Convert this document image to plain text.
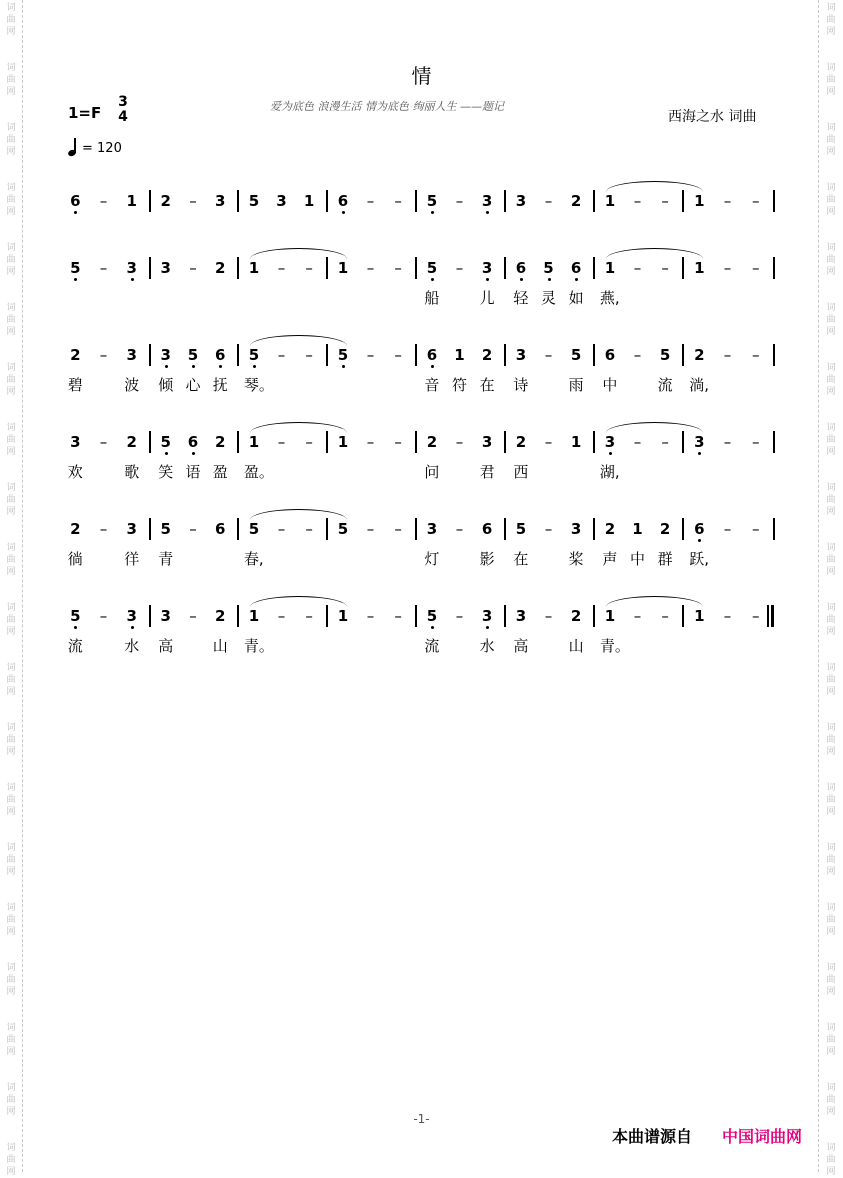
词
曲
网
词
曲
网
词
曲
网
词
曲
网
词
曲
网
词
曲
网
词
曲
网
词
曲
网
词
曲
网
词
曲
网
词
曲
网
词
曲
网
词
曲
网
词
曲
网
词
曲
网
词
曲
网
词
曲
网
词
曲
网
词
曲
网
词
曲
网
词
曲
网
词
曲
网
词
曲
网
词
曲
网
词
曲
网
词
曲
网
词
曲
网
词
曲
网
词
曲
网
词
曲
网
词
曲
网
词
曲
网
词
曲
网
词
曲
网
词
曲
网
词
曲
网
词
曲
网
词
曲
网
词
曲
网
词
曲
网
情
1=F
3
4
= 120
爱为底色 浪漫生活 情为底色 绚丽人生 ——题记
西海之水 词曲
6 – 1 2 – 3 5 3 1 6 – – 5 – 3 3 – 2 1 – – 1 – –
5 – 3 3 – 2 1 – – 1 – – 5 – 3 6 5 6 1 – – 1 – –
船	儿 轻 灵 如 燕,
2 – 3 3 5 6 5 – – 5 – – 6 1 2 3 – 5 6 – 5 2 – –
碧	波 倾 心 抚 琴。	音 符 在 诗	雨 中	流 淌,
3 – 2 5 6 2 1 – – 1 – – 2 – 3 2 – 1 3 – – 3 – –
欢	歌 笑 语 盈 盈。	问	君 西	湖,
2 – 3 5 – 6 5 – – 5 – – 3 – 6 5 – 3 2 1 2 6 – –
徜	徉 青	春,	灯	影 在	桨 声 中 群 跃,
5 – 3 3 – 2 1 – – 1 – – 5 – 3 3 – 2 1 – – 1 – –
流	水 高	山 青。	流	水 高	山 青。
-1-
本曲谱源自 中国词曲网
